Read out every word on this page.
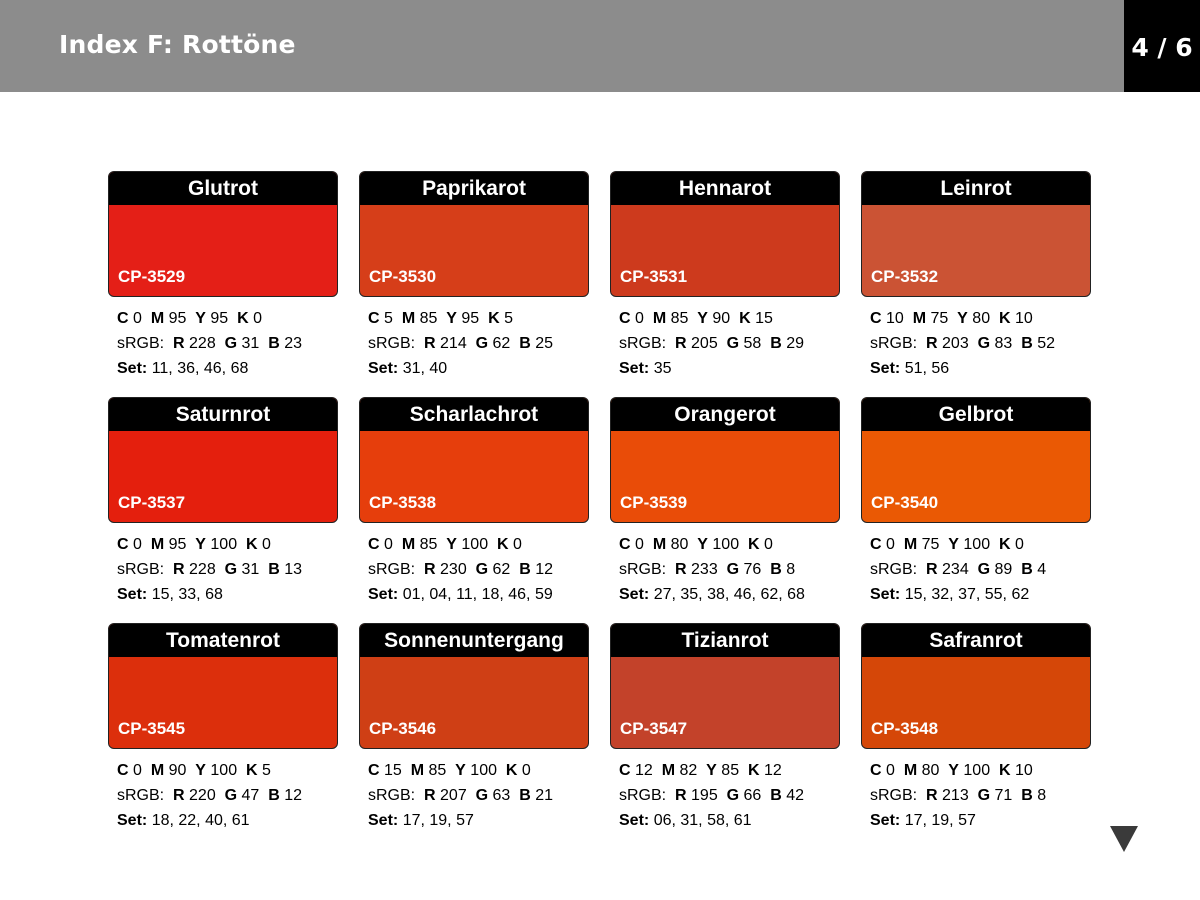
Index F: Rottöne	4 / 6
Glutrot
CP-3529
C 0 M 95 Y 95 K 0
sRGB: R 228 G 31 B 23
Set: 11, 36, 46, 68
Paprikarot
CP-3530
C 5 M 85 Y 95 K 5
sRGB: R 214 G 62 B 25
Set: 31, 40
Hennarot
CP-3531
C 0 M 85 Y 90 K 15
sRGB: R 205 G 58 B 29
Set: 35
Leinrot
CP-3532
C 10 M 75 Y 80 K 10
sRGB: R 203 G 83 B 52
Set: 51, 56
Saturnrot
CP-3537
C 0 M 95 Y 100 K 0
sRGB: R 228 G 31 B 13
Set: 15, 33, 68
Scharlachrot
CP-3538
C 0 M 85 Y 100 K 0
sRGB: R 230 G 62 B 12
Set: 01, 04, 11, 18, 46, 59
Orangerot
CP-3539
C 0 M 80 Y 100 K 0
sRGB: R 233 G 76 B 8
Set: 27, 35, 38, 46, 62, 68
Gelbrot
CP-3540
C 0 M 75 Y 100 K 0
sRGB: R 234 G 89 B 4
Set: 15, 32, 37, 55, 62
Tomatenrot
CP-3545
C 0 M 90 Y 100 K 5
sRGB: R 220 G 47 B 12
Set: 18, 22, 40, 61
Sonnenuntergang
CP-3546
C 15 M 85 Y 100 K 0
sRGB: R 207 G 63 B 21
Set: 17, 19, 57
Tizianrot
CP-3547
C 12 M 82 Y 85 K 12
sRGB: R 195 G 66 B 42
Set: 06, 31, 58, 61
Safranrot
CP-3548
C 0 M 80 Y 100 K 10
sRGB: R 213 G 71 B 8
Set: 17, 19, 57
